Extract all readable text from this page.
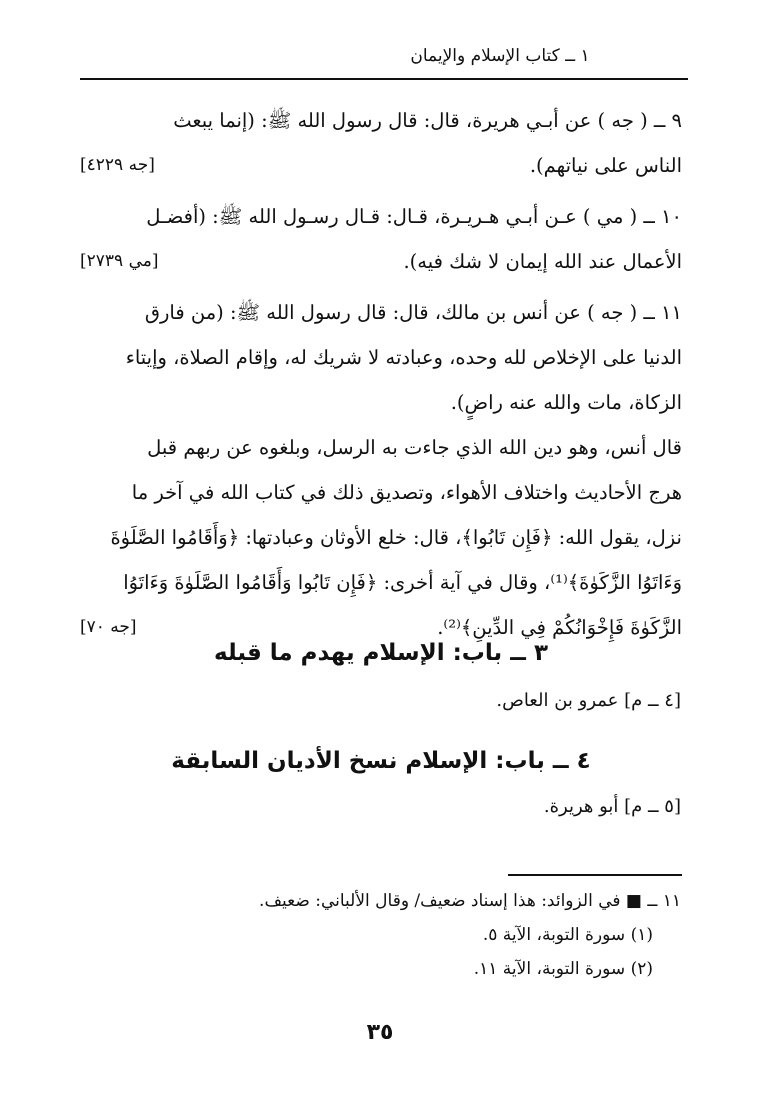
١ ــ كتاب الإسلام والإيمان
٩ ــ ( جه ) عن أبـي هريرة، قال: قال رسول الله ﷺ: (إنما يبعث
الناس على نياتهم).
[جه ٤٢٢٩]
١٠ ــ ( مي ) عـن أبـي هـريـرة، قـال: قـال رسـول الله ﷺ: (أفضـل
الأعمال عند الله إيمان لا شك فيه).
[مي ٢٧٣٩]
١١ ــ ( جه ) عن أنس بن مالك، قال: قال رسول الله ﷺ: (من فارق
الدنيا على الإخلاص لله وحده، وعبادته لا شريك له، وإقام الصلاة، وإيتاء
الزكاة، مات والله عنه راضٍ).
قال أنس، وهو دين الله الذي جاءت به الرسل، وبلغوه عن ربهم قبل
هرج الأحاديث واختلاف الأهواء، وتصديق ذلك في كتاب الله في آخر ما
نزل، يقول الله: ﴿فَإِن تَابُوا﴾، قال: خلع الأوثان وعبادتها: ﴿وَأَقَامُوا الصَّلَوٰةَ
وَءَاتَوُا الزَّكَوٰةَ﴾⁽¹⁾، وقال في آية أخرى: ﴿فَإِن تَابُوا وَأَقَامُوا الصَّلَوٰةَ وَءَاتَوُا
الزَّكَوٰةَ فَإِخْوَانُكُمْ فِي الدِّينِ﴾⁽²⁾.
[جه ٧٠]
٣ ــ باب: الإسلام يهدم ما قبله
[٤ ــ م] عمرو بن العاص.
٤ ــ باب: الإسلام نسخ الأديان السابقة
[٥ ــ م] أبو هريرة.
١١ ــ ■ في الزوائد: هذا إسناد ضعيف/ وقال الألباني: ضعيف.
(١) سورة التوبة، الآية ٥.
(٢) سورة التوبة، الآية ١١.
٣٥
